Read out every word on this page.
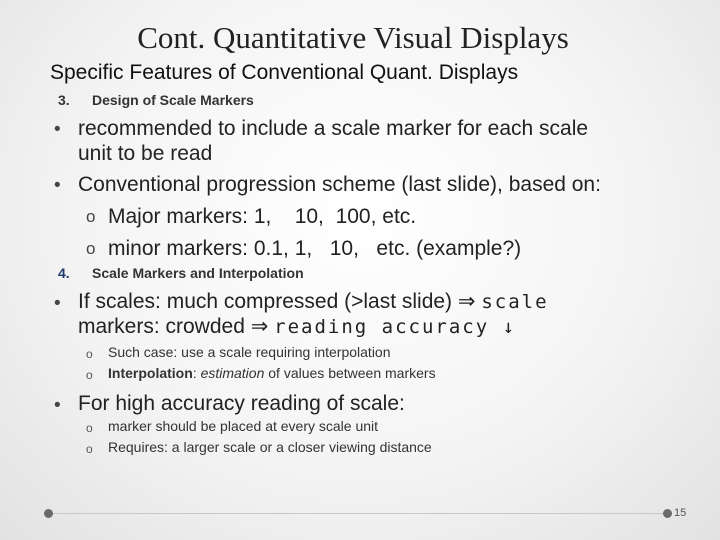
Cont. Quantitative Visual Displays
Specific Features of Conventional Quant. Displays
3. Design of Scale Markers
• recommended to include a scale marker for each scale
unit to be read
• Conventional progression scheme (last slide), based on:
o Major markers: 1,    10,  100, etc.
o minor markers: 0.1, 1,   10,   etc. (example?)
4. Scale Markers and Interpolation
• If scales: much compressed (>last slide) ⇒ scale
markers: crowded ⇒ reading accuracy ↓
o Such case: use a scale requiring interpolation
o Interpolation: estimation of values between markers
• For high accuracy reading of scale:
o marker should be placed at every scale unit
o Requires: a larger scale or a closer viewing distance
15
